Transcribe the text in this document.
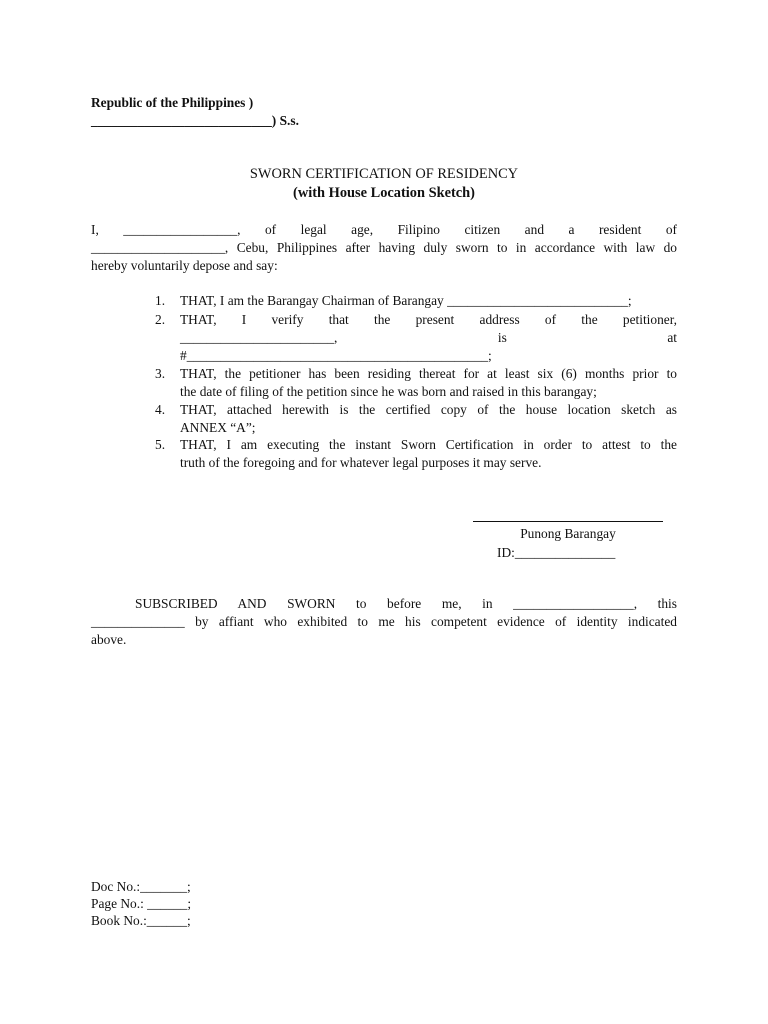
Republic of the Philippines )
___________________________) S.s.
SWORN CERTIFICATION OF RESIDENCY
(with House Location Sketch)
I,   _________________,   of   legal   age,   Filipino   citizen   and   a   resident   of
____________________, Cebu, Philippines after having duly sworn to in accordance with law do
hereby voluntarily depose and say:
1.	THAT, I am the Barangay Chairman of Barangay ___________________________;
2.	THAT,   I   verify   that   the   present   address   of   the   petitioner,
_______________________,                     is                     at
#_____________________________________________;
3.	THAT, the petitioner has been residing thereat for at least six (6) months prior to
the date of filing of the petition since he was born and raised in this barangay;
4.	THAT, attached herewith is the certified copy of the house location sketch as
ANNEX “A”;
5.	THAT, I am executing the instant Sworn Certification in order to attest to the
truth of the foregoing and for whatever legal purposes it may serve.
Punong Barangay
ID:_______________
SUBSCRIBED   AND   SWORN   to   before   me,   in   __________________,   this
______________ by affiant who exhibited to me his competent evidence of identity indicated
above.
Doc No.:_______;
Page No.: ______;
Book No.:______;
